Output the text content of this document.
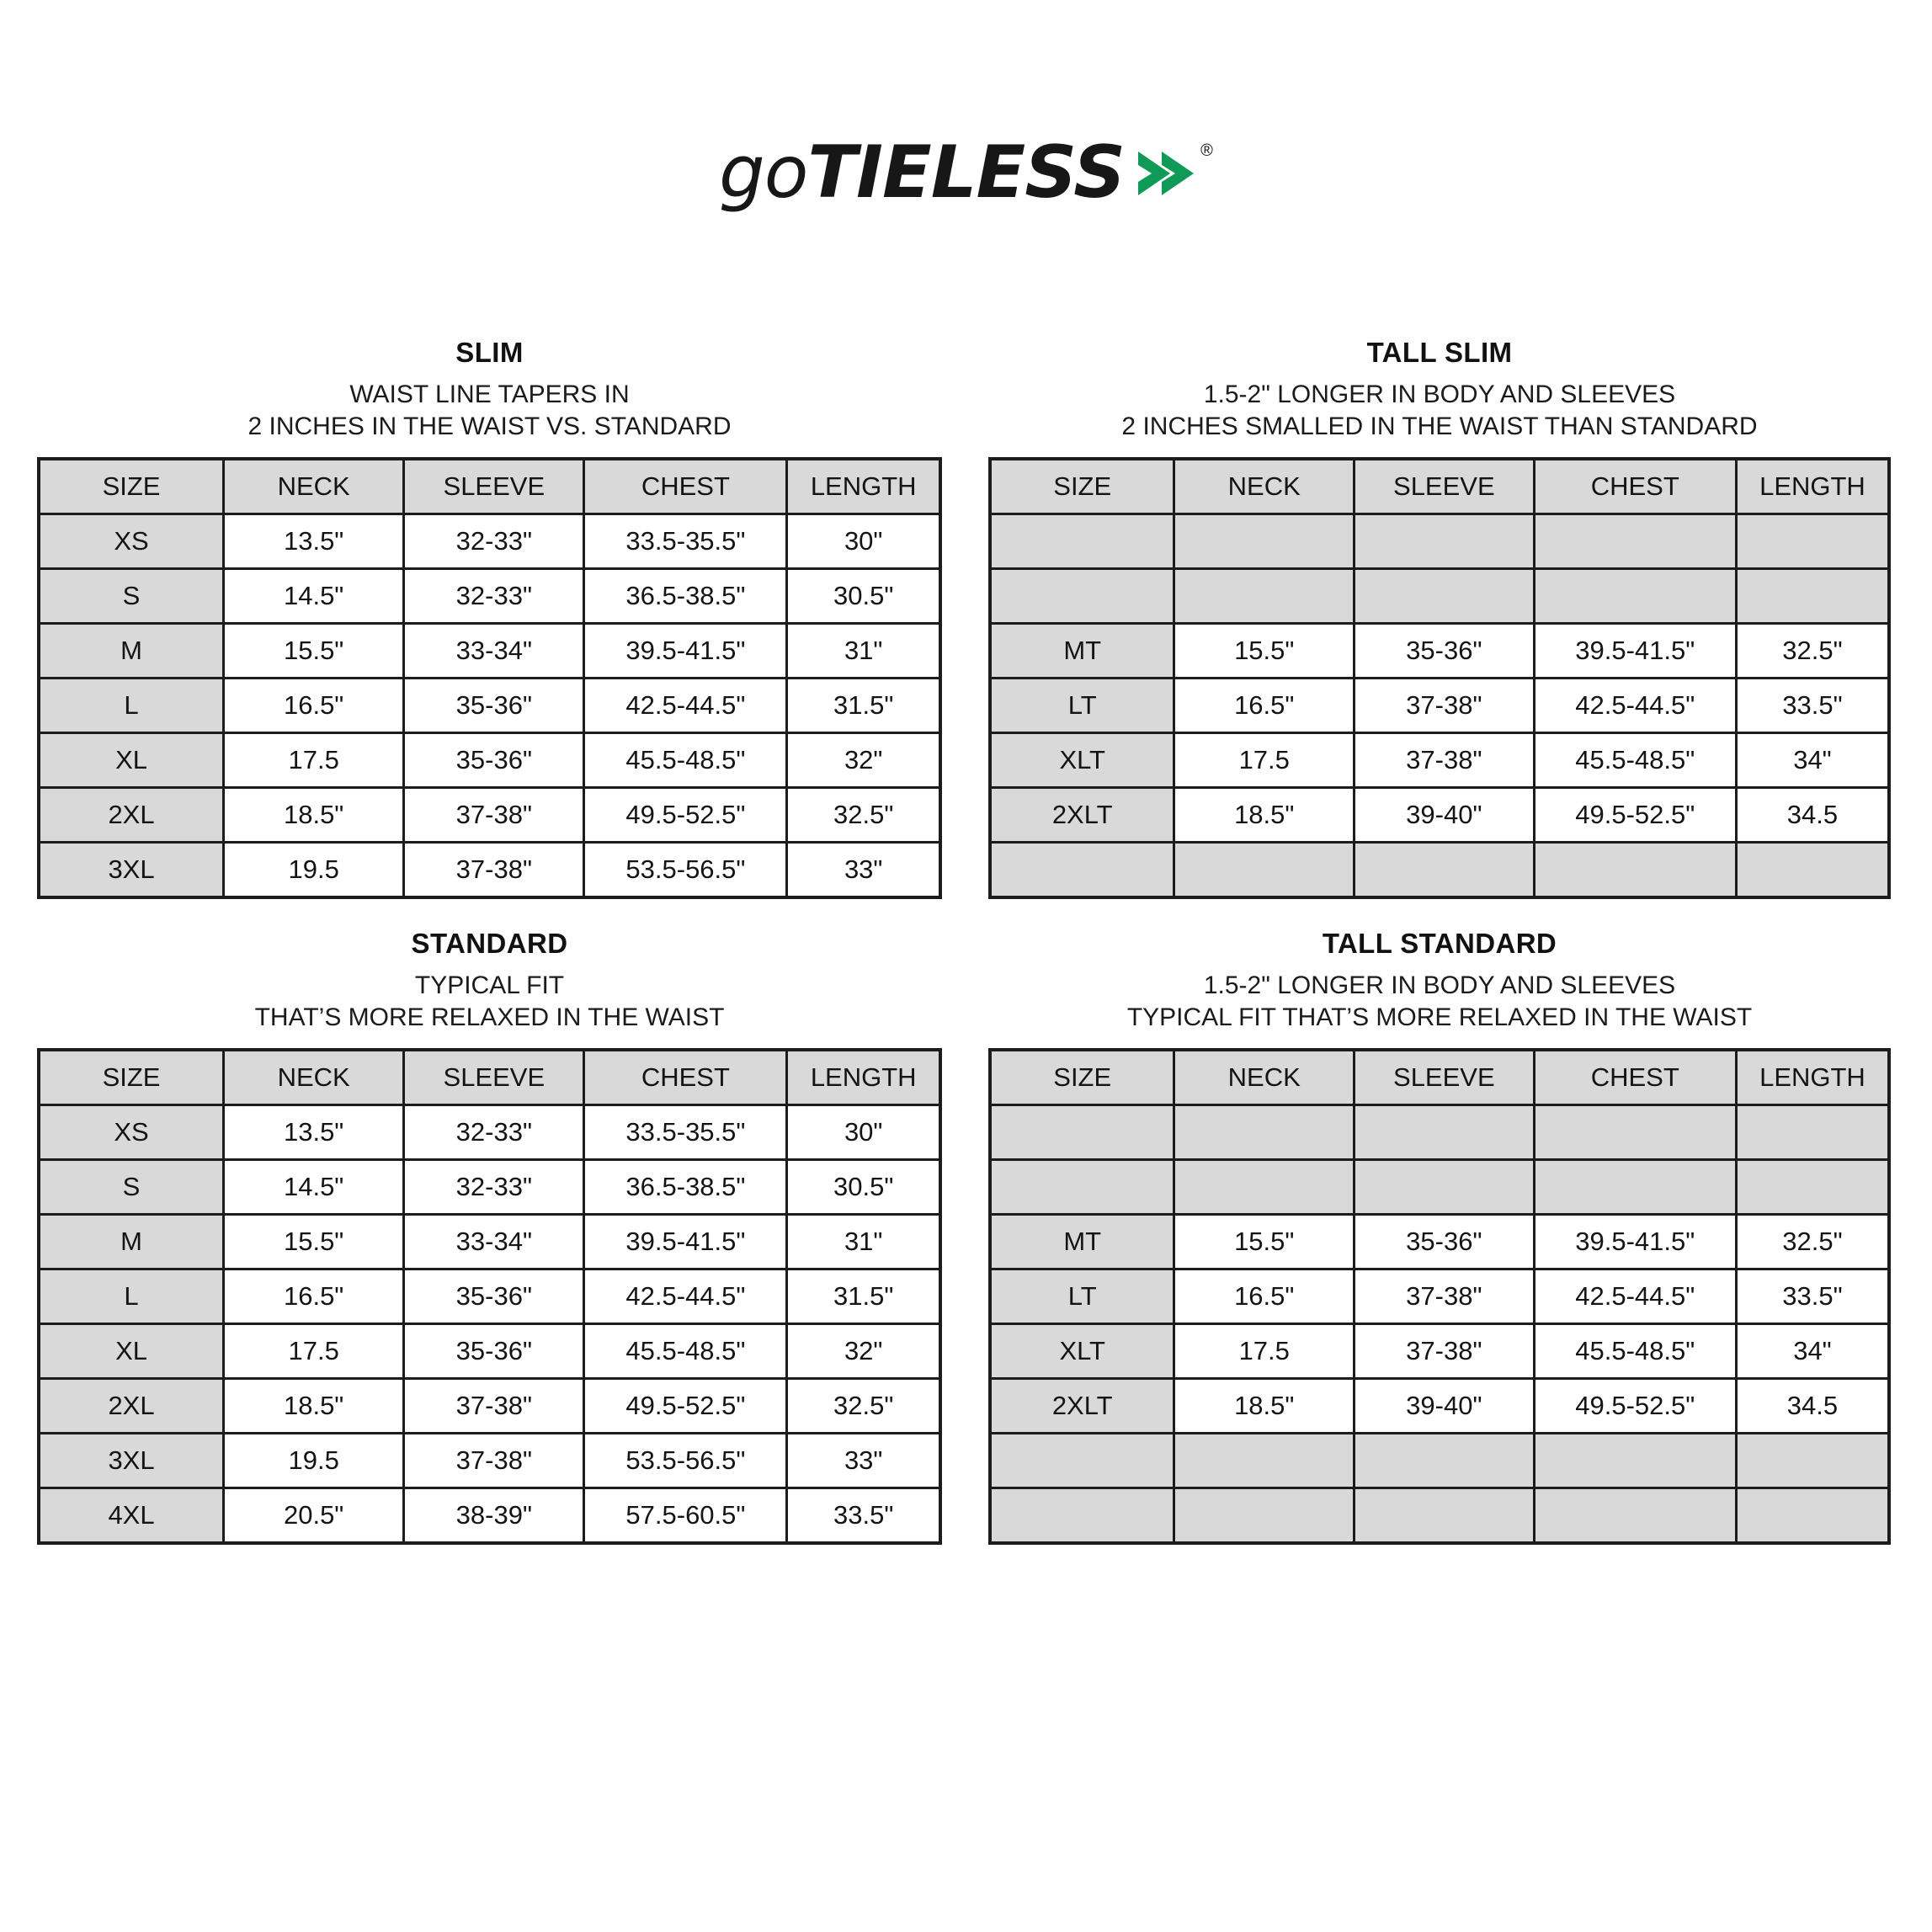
go TIELESS	®
SLIM
WAIST LINE TAPERS IN
2 INCHES IN THE WAIST VS. STANDARD
SIZE	NECK	SLEEVE	CHEST	LENGTH
XS	13.5"	32-33"	33.5-35.5"	30"
S	14.5"	32-33"	36.5-38.5"	30.5"
M	15.5"	33-34"	39.5-41.5"	31"
L	16.5"	35-36"	42.5-44.5"	31.5"
XL	17.5	35-36"	45.5-48.5"	32"
2XL	18.5"	37-38"	49.5-52.5"	32.5"
3XL	19.5	37-38"	53.5-56.5"	33"
TALL SLIM
1.5-2" LONGER IN BODY AND SLEEVES
2 INCHES SMALLED IN THE WAIST THAN STANDARD
SIZE	NECK	SLEEVE	CHEST	LENGTH

MT	15.5"	35-36"	39.5-41.5"	32.5"
LT	16.5"	37-38"	42.5-44.5"	33.5"
XLT	17.5	37-38"	45.5-48.5"	34"
2XLT	18.5"	39-40"	49.5-52.5"	34.5

STANDARD
TYPICAL FIT
THAT’S MORE RELAXED IN THE WAIST
SIZE	NECK	SLEEVE	CHEST	LENGTH
XS	13.5"	32-33"	33.5-35.5"	30"
S	14.5"	32-33"	36.5-38.5"	30.5"
M	15.5"	33-34"	39.5-41.5"	31"
L	16.5"	35-36"	42.5-44.5"	31.5"
XL	17.5	35-36"	45.5-48.5"	32"
2XL	18.5"	37-38"	49.5-52.5"	32.5"
3XL	19.5	37-38"	53.5-56.5"	33"
4XL	20.5"	38-39"	57.5-60.5"	33.5"
TALL STANDARD
1.5-2" LONGER IN BODY AND SLEEVES
TYPICAL FIT THAT’S MORE RELAXED IN THE WAIST
SIZE	NECK	SLEEVE	CHEST	LENGTH

MT	15.5"	35-36"	39.5-41.5"	32.5"
LT	16.5"	37-38"	42.5-44.5"	33.5"
XLT	17.5	37-38"	45.5-48.5"	34"
2XLT	18.5"	39-40"	49.5-52.5"	34.5
